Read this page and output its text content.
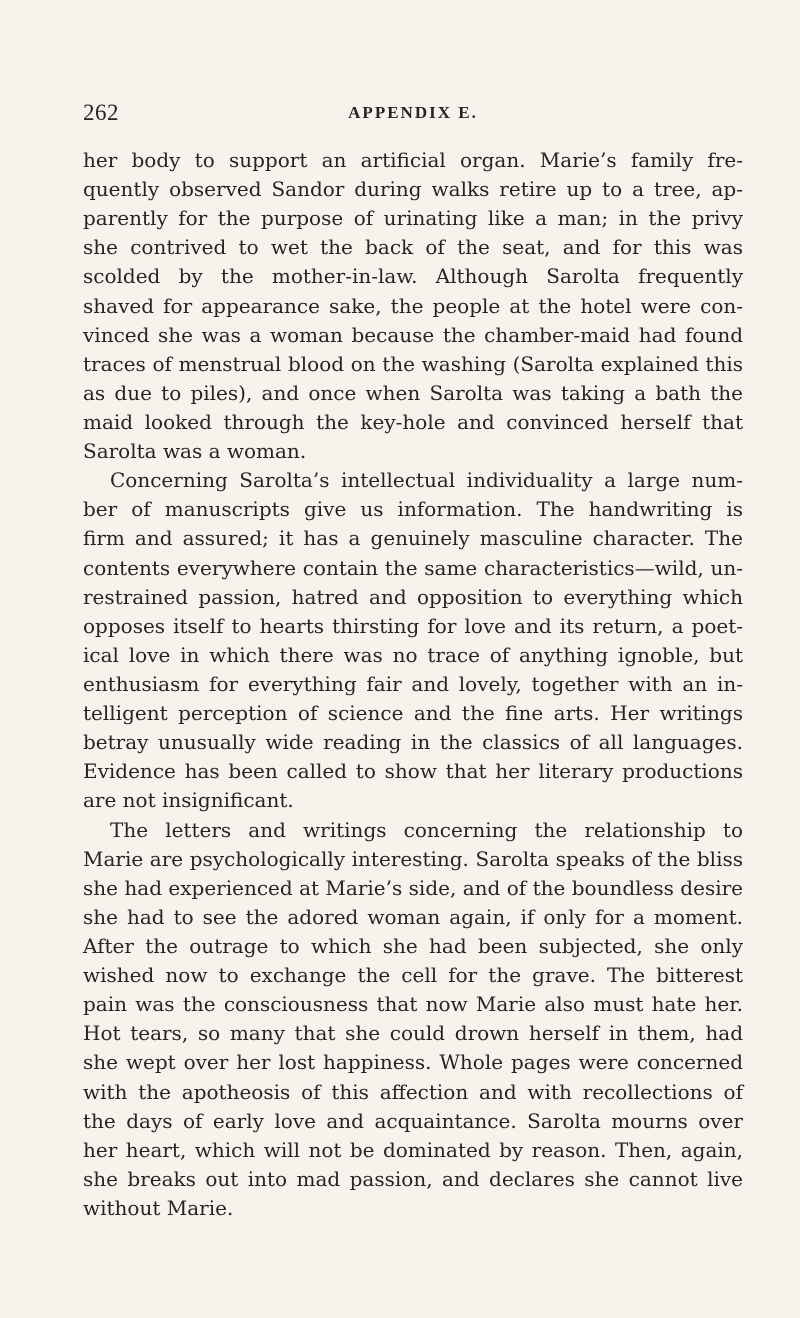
262	APPENDIX E.
her body to support an artificial organ. Marie’s family fre-
quently observed Sandor during walks retire up to a tree, ap-
parently for the purpose of urinating like a man; in the privy
she contrived to wet the back of the seat, and for this was
scolded by the mother-in-law. Although Sarolta frequently
shaved for appearance sake, the people at the hotel were con-
vinced she was a woman because the chamber-maid had found
traces of menstrual blood on the washing (Sarolta explained this
as due to piles), and once when Sarolta was taking a bath the
maid looked through the key-hole and convinced herself that
Sarolta was a woman.
Concerning Sarolta’s intellectual individuality a large num-
ber of manuscripts give us information. The handwriting is
firm and assured; it has a genuinely masculine character. The
contents everywhere contain the same characteristics—wild, un-
restrained passion, hatred and opposition to everything which
opposes itself to hearts thirsting for love and its return, a poet-
ical love in which there was no trace of anything ignoble, but
enthusiasm for everything fair and lovely, together with an in-
telligent perception of science and the fine arts. Her writings
betray unusually wide reading in the classics of all languages.
Evidence has been called to show that her literary productions
are not insignificant.
The letters and writings concerning the relationship to
Marie are psychologically interesting. Sarolta speaks of the bliss
she had experienced at Marie’s side, and of the boundless desire
she had to see the adored woman again, if only for a moment.
After the outrage to which she had been subjected, she only
wished now to exchange the cell for the grave. The bitterest
pain was the consciousness that now Marie also must hate her.
Hot tears, so many that she could drown herself in them, had
she wept over her lost happiness. Whole pages were concerned
with the apotheosis of this affection and with recollections of
the days of early love and acquaintance. Sarolta mourns over
her heart, which will not be dominated by reason. Then, again,
she breaks out into mad passion, and declares she cannot live
without Marie.
